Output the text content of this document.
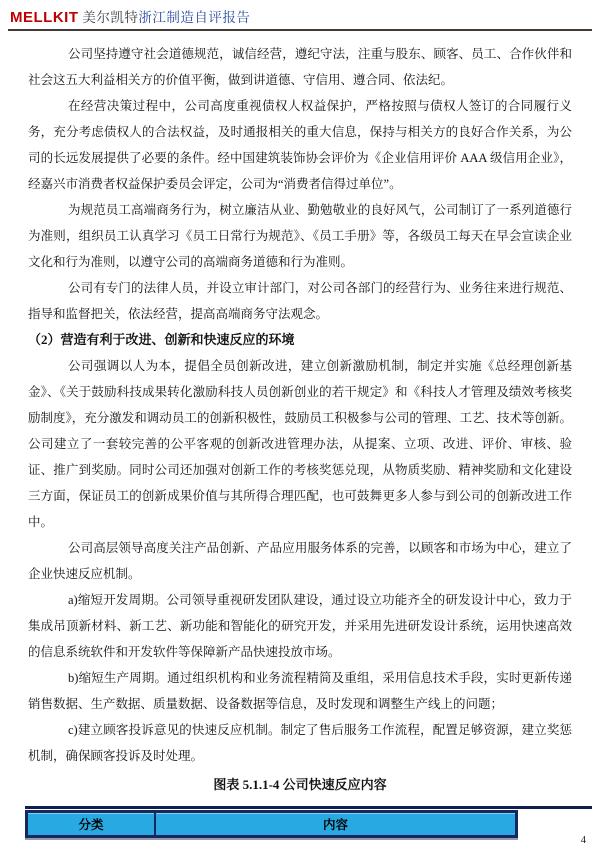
MELLKIT 美尔凯特浙江制造自评报告

公司坚持遵守社会道德规范，诚信经营，遵纪守法，注重与股东、顾客、员工、合作伙伴和社会这五大利益相关方的价值平衡，做到讲道德、守信用、遵合同、依法纪。

在经营决策过程中，公司高度重视债权人权益保护，严格按照与债权人签订的合同履行义务，充分考虑债权人的合法权益，及时通报相关的重大信息，保持与相关方的良好合作关系，为公司的长远发展提供了必要的条件。经中国建筑装饰协会评价为《企业信用评价 AAA 级信用企业》，经嘉兴市消费者权益保护委员会评定，公司为“消费者信得过单位”。

为规范员工高端商务行为，树立廉洁从业、勤勉敬业的良好风气，公司制订了一系列道德行为准则，组织员工认真学习《员工日常行为规范》、《员工手册》等，各级员工每天在早会宣读企业文化和行为准则，以遵守公司的高端商务道德和行为准则。

公司有专门的法律人员，并设立审计部门，对公司各部门的经营行为、业务往来进行规范、指导和监督把关，依法经营，提高高端商务守法观念。

（2）营造有利于改进、创新和快速反应的环境

公司强调以人为本，提倡全员创新改进，建立创新激励机制，制定并实施《总经理创新基金》、《关于鼓励科技成果转化激励科技人员创新创业的若干规定》和《科技人才管理及绩效考核奖励制度》，充分激发和调动员工的创新积极性，鼓励员工积极参与公司的管理、工艺、技术等创新。公司建立了一套较完善的公平客观的创新改进管理办法，从提案、立项、改进、评价、审核、验证、推广到奖励。同时公司还加强对创新工作的考核奖惩兑现，从物质奖励、精神奖励和文化建设三方面，保证员工的创新成果价值与其所得合理匹配，也可鼓舞更多人参与到公司的创新改进工作中。

公司高层领导高度关注产品创新、产品应用服务体系的完善，以顾客和市场为中心，建立了企业快速反应机制。

a)缩短开发周期。公司领导重视研发团队建设，通过设立功能齐全的研发设计中心，致力于集成吊顶新材料、新工艺、新功能和智能化的研究开发，并采用先进研发设计系统，运用快速高效的信息系统软件和开发软件等保障新产品快速投放市场。

b)缩短生产周期。通过组织机构和业务流程精简及重组，采用信息技术手段，实时更新传递销售数据、生产数据、质量数据、设备数据等信息，及时发现和调整生产线上的问题；

c)建立顾客投诉意见的快速反应机制。制定了售后服务工作流程，配置足够资源，建立奖惩机制，确保顾客投诉及时处理。

图表 5.1.1-4 公司快速反应内容

分类	内容
4
